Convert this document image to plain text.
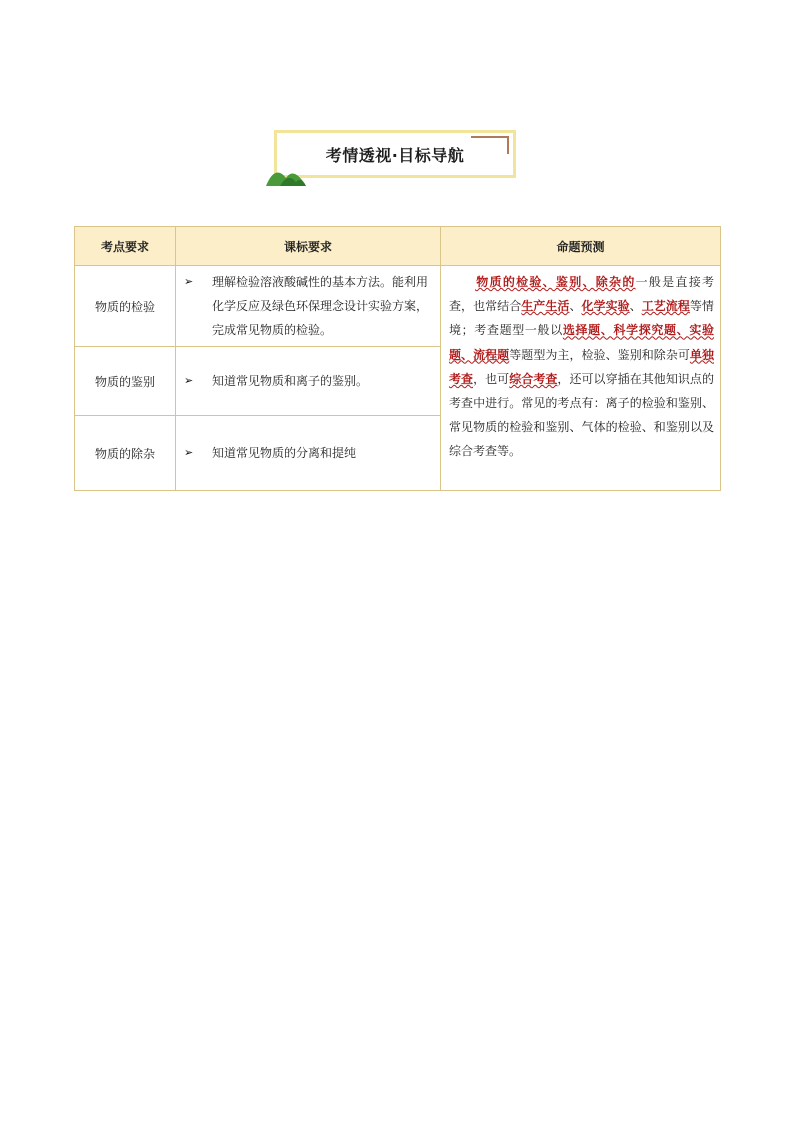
考情透视·目标导航
考点要求	课标要求	命题预测
物质的检验	➢ 理解检验溶液酸碱性的基本方法。能利用化学反应及绿色环保理念设计实验方案，完成常见物质的检验。	物质的检验、鉴别、除杂的一般是直接考查，也常结合生产生活、化学实验、工艺流程等情境；考查题型一般以选择题、科学探究题、实验题、流程题等题型为主，检验、鉴别和除杂可单独考查，也可综合考查，还可以穿插在其他知识点的考查中进行。常见的考点有：离子的检验和鉴别、常见物质的检验和鉴别、气体的检验、和鉴别以及综合考查等。
物质的鉴别	➢ 知道常见物质和离子的鉴别。	

物质的除杂	➢ 知道常见物质的分离和提纯	
